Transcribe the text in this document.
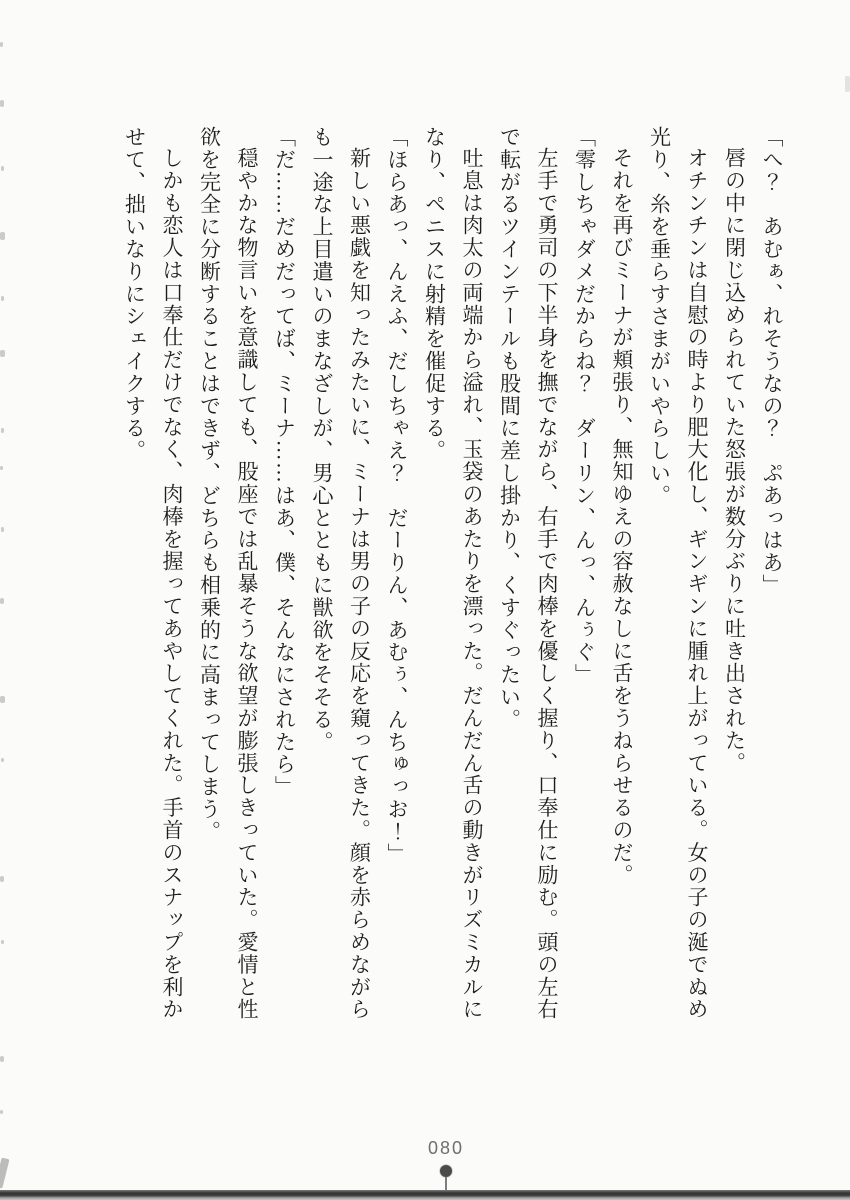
「へ？　あむぁ、れそうなの？　ぷあっはあ」

唇の中に閉じ込められていた怒張が数分ぶりに吐き出された。

オチンチンは自慰の時より肥大化し、ギンギンに腫れ上がっている。女の子の涎でぬめ

光り、糸を垂らすさまがいやらしい。

それを再びミーナが頬張り、無知ゆえの容赦なしに舌をうねらせるのだ。

「零しちゃダメだからね？　ダーリン、んっ、んぅぐ」

左手で勇司の下半身を撫でながら、右手で肉棒を優しく握り、口奉仕に励む。頭の左右

で転がるツインテールも股間に差し掛かり、くすぐったい。

吐息は肉太の両端から溢れ、玉袋のあたりを漂った。だんだん舌の動きがリズミカルに

なり、ペニスに射精を催促する。

「ほらあっ、んえふ、だしちゃえ？　だーりん、あむぅ、んちゅっお！」

新しい悪戯を知ったみたいに、ミーナは男の子の反応を窺ってきた。顔を赤らめながら

も一途な上目遣いのまなざしが、男心とともに獣欲をそそる。

「だ……だめだってば、ミーナ……はあ、僕、そんなにされたら」

穏やかな物言いを意識しても、股座では乱暴そうな欲望が膨張しきっていた。愛情と性

欲を完全に分断することはできず、どちらも相乗的に高まってしまう。

しかも恋人は口奉仕だけでなく、肉棒を握ってあやしてくれた。手首のスナップを利か

せて、拙いなりにシェイクする。

080
